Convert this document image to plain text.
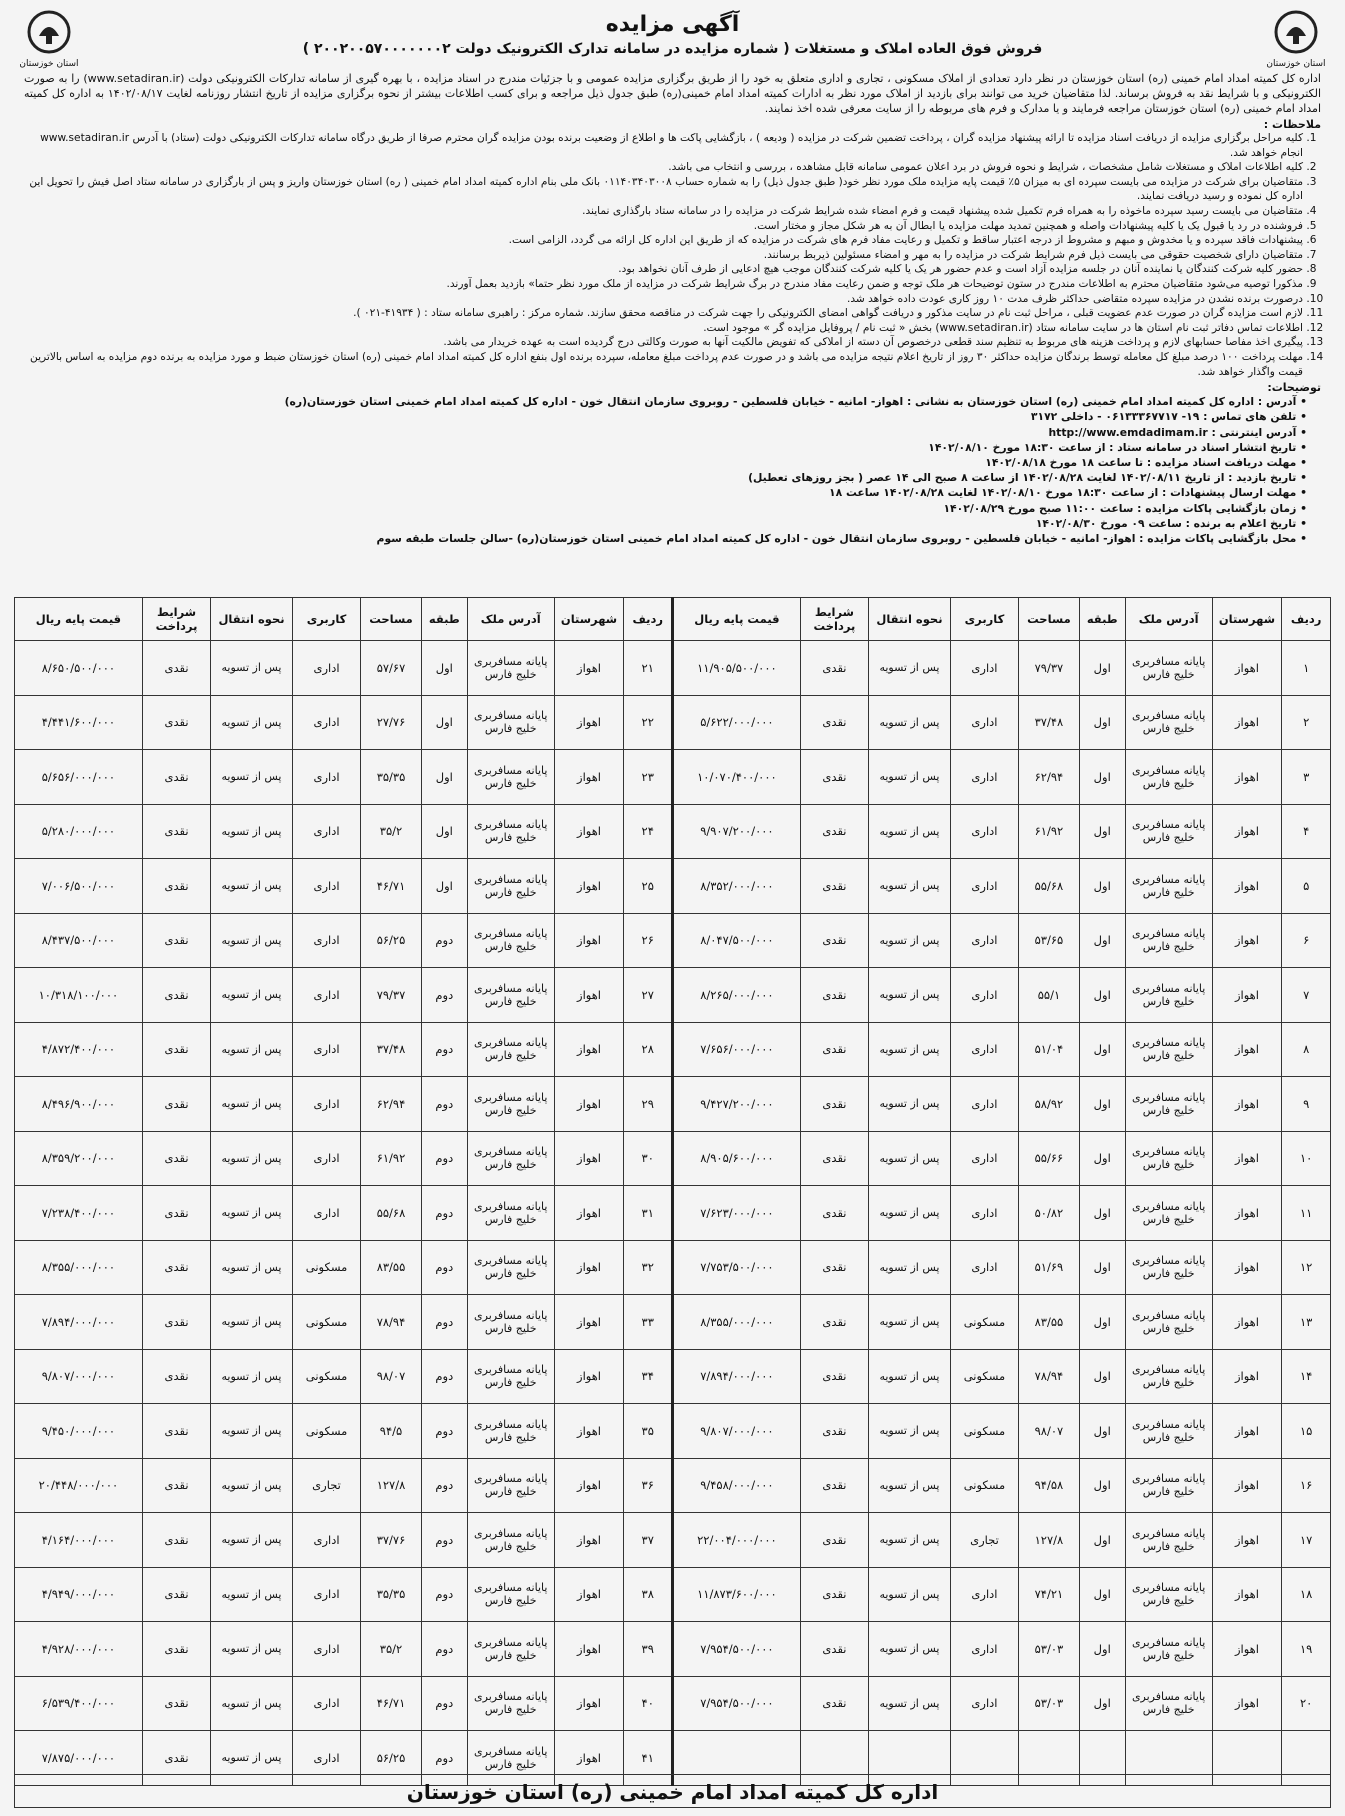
استان خوزستان
استان خوزستان
آگهی مزایده
فروش فوق العاده املاک و مستغلات ( شماره مزایده در سامانه تدارک الکترونیک دولت ۲۰۰۲۰۰۵۷۰۰۰۰۰۰۰۲ )
اداره کل کمیته امداد امام خمینی (ره) استان خوزستان در نظر دارد تعدادی از املاک مسکونی ، تجاری و اداری متعلق به خود را از طریق برگزاری مزایده عمومی و با جزئیات مندرج در اسناد مزایده ، با بهره گیری از سامانه تدارکات الکترونیکی دولت (www.setadiran.ir) را به صورت الکترونیکی و با شرایط نقد به فروش برساند. لذا متقاضیان خرید می توانند برای بازدید از املاک مورد نظر به ادارات کمیته امداد امام خمینی(ره) طبق جدول ذیل مراجعه و برای کسب اطلاعات بیشتر از نحوه برگزاری مزایده از تاریخ انتشار روزنامه لغایت ۱۴۰۲/۰۸/۱۷ به اداره کل کمیته امداد امام خمینی (ره) استان خوزستان مراجعه فرمایند و یا مدارک و فرم های مربوطه را از سایت معرفی شده اخذ نمایند.
ملاحظات :
1. کلیه مراحل برگزاری مزایده از دریافت اسناد مزایده تا ارائه پیشنهاد مزایده گران ، پرداخت تضمین شرکت در مزایده ( ودیعه ) ، بازگشایی پاکت ها و اطلاع از وضعیت برنده بودن مزایده گران محترم صرفا از طریق درگاه سامانه تدارکات الکترونیکی دولت (ستاد) با آدرس www.setadiran.ir انجام خواهد شد.
2. کلیه اطلاعات املاک و مستغلات شامل مشخصات ، شرایط و نحوه فروش در برد اعلان عمومی سامانه قابل مشاهده ، بررسی و انتخاب می باشد.
3. متقاضیان برای شرکت در مزایده می بایست سپرده ای به میزان ۵٪ قیمت پایه مزایده ملک مورد نظر خود( طبق جدول ذیل) را به شماره حساب ۰۱۱۴۰۳۴۰۳۰۰۸ بانک ملی بنام اداره کمیته امداد امام خمینی ( ره) استان خوزستان واریز و پس از بارگزاری در سامانه ستاد اصل فیش را تحویل این اداره کل نموده و رسید دریافت نمایند.
4. متقاضیان می بایست رسید سپرده ماخوذه را به همراه فرم تکمیل شده پیشنهاد قیمت و فرم امضاء شده شرایط شرکت در مزایده را در سامانه ستاد بارگذاری نمایند.
5. فروشنده در رد یا قبول یک یا کلیه پیشنهادات واصله و همچنین تمدید مهلت مزایده یا ابطال آن به هر شکل مجاز و مختار است.
6. پیشنهادات فاقد سپرده و یا مخدوش و مبهم و مشروط از درجه اعتبار ساقط و تکمیل و رعایت مفاد فرم های شرکت در مزایده که از طریق این اداره کل ارائه می گردد، الزامی است.
7. متقاضیان دارای شخصیت حقوقی می بایست ذیل فرم شرایط شرکت در مزایده را به مهر و امضاء مسئولین ذیربط برسانند.
8. حضور کلیه شرکت کنندگان یا نماینده آنان در جلسه مزایده آزاد است و عدم حضور هر یک یا کلیه شرکت کنندگان موجب هیچ ادعایی از طرف آنان نخواهد بود.
9. مذکورا توصیه می‌شود متقاضیان محترم به اطلاعات مندرج در ستون توضیحات هر ملک توجه و ضمن رعایت مفاد مندرج در برگ شرایط شرکت در مزایده از ملک مورد نظر حتما» بازدید بعمل آورند.
10. درصورت برنده نشدن در مزایده سپرده متقاضی حداکثر ظرف مدت ۱۰ روز کاری عودت داده خواهد شد.
11. لازم است مزایده گران در صورت عدم عضویت قبلی ، مراحل ثبت نام در سایت مذکور و دریافت گواهی امضای الکترونیکی را جهت شرکت در مناقصه محقق سازند. شماره مرکز : راهبری سامانه ستاد : ( ۴۱۹۳۴-۰۲۱ ).
12. اطلاعات تماس دفاتر ثبت نام استان ها در سایت سامانه ستاد (www.setadiran.ir) بخش « ثبت نام / پروفایل مزایده گر » موجود است.
13. پیگیری اخذ مفاصا حسابهای لازم و پرداخت هزینه های مربوط به تنظیم سند قطعی درخصوص آن دسته از املاکی که تفویض مالکیت آنها به صورت وکالتی درج گردیده است به عهده خریدار می باشد.
14. مهلت پرداخت ۱۰۰ درصد مبلغ کل معامله توسط برندگان مزایده حداکثر ۳۰ روز از تاریخ اعلام نتیجه مزایده می باشد و در صورت عدم پرداخت مبلغ معامله، سپرده برنده اول بنفع اداره کل کمیته امداد امام خمینی (ره) استان خوزستان ضبط و مورد مزایده به برنده دوم مزایده به اساس بالاترین قیمت واگذار خواهد شد.
توضیحات:
• آدرس : اداره کل کمیته امداد امام خمینی (ره) استان خوزستان به نشانی : اهواز- امانیه - خیابان فلسطین - روبروی سازمان انتقال خون - اداره کل کمیته امداد امام خمینی استان خوزستان(ره)
• تلفن های تماس : ۱۹- ۰۶۱۳۳۳۶۷۷۱۷ - داخلی ۳۱۷۲
• آدرس اینترنتی : http://www.emdadimam.ir
• تاریخ انتشار اسناد در سامانه ستاد : از ساعت ۱۸:۳۰ مورخ ۱۴۰۲/۰۸/۱۰
• مهلت دریافت اسناد مزایده : تا ساعت ۱۸ مورخ ۱۴۰۲/۰۸/۱۸
• تاریخ بازدید : از تاریخ ۱۴۰۲/۰۸/۱۱ لغایت ۱۴۰۲/۰۸/۲۸ از ساعت ۸ صبح الی ۱۴ عصر ( بجز روزهای تعطیل)
• مهلت ارسال پیشنهادات : از ساعت ۱۸:۳۰ مورخ ۱۴۰۲/۰۸/۱۰ لغایت ۱۴۰۲/۰۸/۲۸ ساعت ۱۸
• زمان بازگشایی پاکات مزایده : ساعت ۱۱:۰۰ صبح مورخ ۱۴۰۲/۰۸/۲۹
• تاریخ اعلام به برنده : ساعت ۰۹ مورخ ۱۴۰۲/۰۸/۳۰
• محل بازگشایی پاکات مزایده : اهواز- امانیه - خیابان فلسطین - روبروی سازمان انتقال خون - اداره کل کمیته امداد امام خمینی استان خوزستان(ره) -سالن جلسات طبقه سوم
ردیف	شهرستان	آدرس ملک	طبقه	مساحت	کاربری	نحوه انتقال	شرایط پرداخت	قیمت پایه ریال	ردیف	شهرستان	آدرس ملک	طبقه	مساحت	کاربری	نحوه انتقال	شرایط پرداخت	قیمت پایه ریال
۱	اهواز	پایانه مسافربری خلیج فارس	اول	۷۹/۳۷	اداری	پس از تسویه	نقدی	۱۱/۹۰۵/۵۰۰/۰۰۰	۲۱	اهواز	پایانه مسافربری خلیج فارس	اول	۵۷/۶۷	اداری	پس از تسویه	نقدی	۸/۶۵۰/۵۰۰/۰۰۰
۲	اهواز	پایانه مسافربری خلیج فارس	اول	۳۷/۴۸	اداری	پس از تسویه	نقدی	۵/۶۲۲/۰۰۰/۰۰۰	۲۲	اهواز	پایانه مسافربری خلیج فارس	اول	۲۷/۷۶	اداری	پس از تسویه	نقدی	۴/۴۴۱/۶۰۰/۰۰۰
۳	اهواز	پایانه مسافربری خلیج فارس	اول	۶۲/۹۴	اداری	پس از تسویه	نقدی	۱۰/۰۷۰/۴۰۰/۰۰۰	۲۳	اهواز	پایانه مسافربری خلیج فارس	اول	۳۵/۳۵	اداری	پس از تسویه	نقدی	۵/۶۵۶/۰۰۰/۰۰۰
۴	اهواز	پایانه مسافربری خلیج فارس	اول	۶۱/۹۲	اداری	پس از تسویه	نقدی	۹/۹۰۷/۲۰۰/۰۰۰	۲۴	اهواز	پایانه مسافربری خلیج فارس	اول	۳۵/۲	اداری	پس از تسویه	نقدی	۵/۲۸۰/۰۰۰/۰۰۰
۵	اهواز	پایانه مسافربری خلیج فارس	اول	۵۵/۶۸	اداری	پس از تسویه	نقدی	۸/۳۵۲/۰۰۰/۰۰۰	۲۵	اهواز	پایانه مسافربری خلیج فارس	اول	۴۶/۷۱	اداری	پس از تسویه	نقدی	۷/۰۰۶/۵۰۰/۰۰۰
۶	اهواز	پایانه مسافربری خلیج فارس	اول	۵۳/۶۵	اداری	پس از تسویه	نقدی	۸/۰۴۷/۵۰۰/۰۰۰	۲۶	اهواز	پایانه مسافربری خلیج فارس	دوم	۵۶/۲۵	اداری	پس از تسویه	نقدی	۸/۴۳۷/۵۰۰/۰۰۰
۷	اهواز	پایانه مسافربری خلیج فارس	اول	۵۵/۱	اداری	پس از تسویه	نقدی	۸/۲۶۵/۰۰۰/۰۰۰	۲۷	اهواز	پایانه مسافربری خلیج فارس	دوم	۷۹/۳۷	اداری	پس از تسویه	نقدی	۱۰/۳۱۸/۱۰۰/۰۰۰
۸	اهواز	پایانه مسافربری خلیج فارس	اول	۵۱/۰۴	اداری	پس از تسویه	نقدی	۷/۶۵۶/۰۰۰/۰۰۰	۲۸	اهواز	پایانه مسافربری خلیج فارس	دوم	۳۷/۴۸	اداری	پس از تسویه	نقدی	۴/۸۷۲/۴۰۰/۰۰۰
۹	اهواز	پایانه مسافربری خلیج فارس	اول	۵۸/۹۲	اداری	پس از تسویه	نقدی	۹/۴۲۷/۲۰۰/۰۰۰	۲۹	اهواز	پایانه مسافربری خلیج فارس	دوم	۶۲/۹۴	اداری	پس از تسویه	نقدی	۸/۴۹۶/۹۰۰/۰۰۰
۱۰	اهواز	پایانه مسافربری خلیج فارس	اول	۵۵/۶۶	اداری	پس از تسویه	نقدی	۸/۹۰۵/۶۰۰/۰۰۰	۳۰	اهواز	پایانه مسافربری خلیج فارس	دوم	۶۱/۹۲	اداری	پس از تسویه	نقدی	۸/۳۵۹/۲۰۰/۰۰۰
۱۱	اهواز	پایانه مسافربری خلیج فارس	اول	۵۰/۸۲	اداری	پس از تسویه	نقدی	۷/۶۲۳/۰۰۰/۰۰۰	۳۱	اهواز	پایانه مسافربری خلیج فارس	دوم	۵۵/۶۸	اداری	پس از تسویه	نقدی	۷/۲۳۸/۴۰۰/۰۰۰
۱۲	اهواز	پایانه مسافربری خلیج فارس	اول	۵۱/۶۹	اداری	پس از تسویه	نقدی	۷/۷۵۳/۵۰۰/۰۰۰	۳۲	اهواز	پایانه مسافربری خلیج فارس	دوم	۸۳/۵۵	مسکونی	پس از تسویه	نقدی	۸/۳۵۵/۰۰۰/۰۰۰
۱۳	اهواز	پایانه مسافربری خلیج فارس	اول	۸۳/۵۵	مسکونی	پس از تسویه	نقدی	۸/۳۵۵/۰۰۰/۰۰۰	۳۳	اهواز	پایانه مسافربری خلیج فارس	دوم	۷۸/۹۴	مسکونی	پس از تسویه	نقدی	۷/۸۹۴/۰۰۰/۰۰۰
۱۴	اهواز	پایانه مسافربری خلیج فارس	اول	۷۸/۹۴	مسکونی	پس از تسویه	نقدی	۷/۸۹۴/۰۰۰/۰۰۰	۳۴	اهواز	پایانه مسافربری خلیج فارس	دوم	۹۸/۰۷	مسکونی	پس از تسویه	نقدی	۹/۸۰۷/۰۰۰/۰۰۰
۱۵	اهواز	پایانه مسافربری خلیج فارس	اول	۹۸/۰۷	مسکونی	پس از تسویه	نقدی	۹/۸۰۷/۰۰۰/۰۰۰	۳۵	اهواز	پایانه مسافربری خلیج فارس	دوم	۹۴/۵	مسکونی	پس از تسویه	نقدی	۹/۴۵۰/۰۰۰/۰۰۰
۱۶	اهواز	پایانه مسافربری خلیج فارس	اول	۹۴/۵۸	مسکونی	پس از تسویه	نقدی	۹/۴۵۸/۰۰۰/۰۰۰	۳۶	اهواز	پایانه مسافربری خلیج فارس	دوم	۱۲۷/۸	تجاری	پس از تسویه	نقدی	۲۰/۴۴۸/۰۰۰/۰۰۰
۱۷	اهواز	پایانه مسافربری خلیج فارس	اول	۱۲۷/۸	تجاری	پس از تسویه	نقدی	۲۲/۰۰۴/۰۰۰/۰۰۰	۳۷	اهواز	پایانه مسافربری خلیج فارس	دوم	۳۷/۷۶	اداری	پس از تسویه	نقدی	۴/۱۶۴/۰۰۰/۰۰۰
۱۸	اهواز	پایانه مسافربری خلیج فارس	اول	۷۴/۲۱	اداری	پس از تسویه	نقدی	۱۱/۸۷۳/۶۰۰/۰۰۰	۳۸	اهواز	پایانه مسافربری خلیج فارس	دوم	۳۵/۳۵	اداری	پس از تسویه	نقدی	۴/۹۴۹/۰۰۰/۰۰۰
۱۹	اهواز	پایانه مسافربری خلیج فارس	اول	۵۳/۰۳	اداری	پس از تسویه	نقدی	۷/۹۵۴/۵۰۰/۰۰۰	۳۹	اهواز	پایانه مسافربری خلیج فارس	دوم	۳۵/۲	اداری	پس از تسویه	نقدی	۴/۹۲۸/۰۰۰/۰۰۰
۲۰	اهواز	پایانه مسافربری خلیج فارس	اول	۵۳/۰۳	اداری	پس از تسویه	نقدی	۷/۹۵۴/۵۰۰/۰۰۰	۴۰	اهواز	پایانه مسافربری خلیج فارس	دوم	۴۶/۷۱	اداری	پس از تسویه	نقدی	۶/۵۳۹/۴۰۰/۰۰۰
									۴۱	اهواز	پایانه مسافربری خلیج فارس	دوم	۵۶/۲۵	اداری	پس از تسویه	نقدی	۷/۸۷۵/۰۰۰/۰۰۰
اداره کل کمیته امداد امام خمینی (ره) استان خوزستان
